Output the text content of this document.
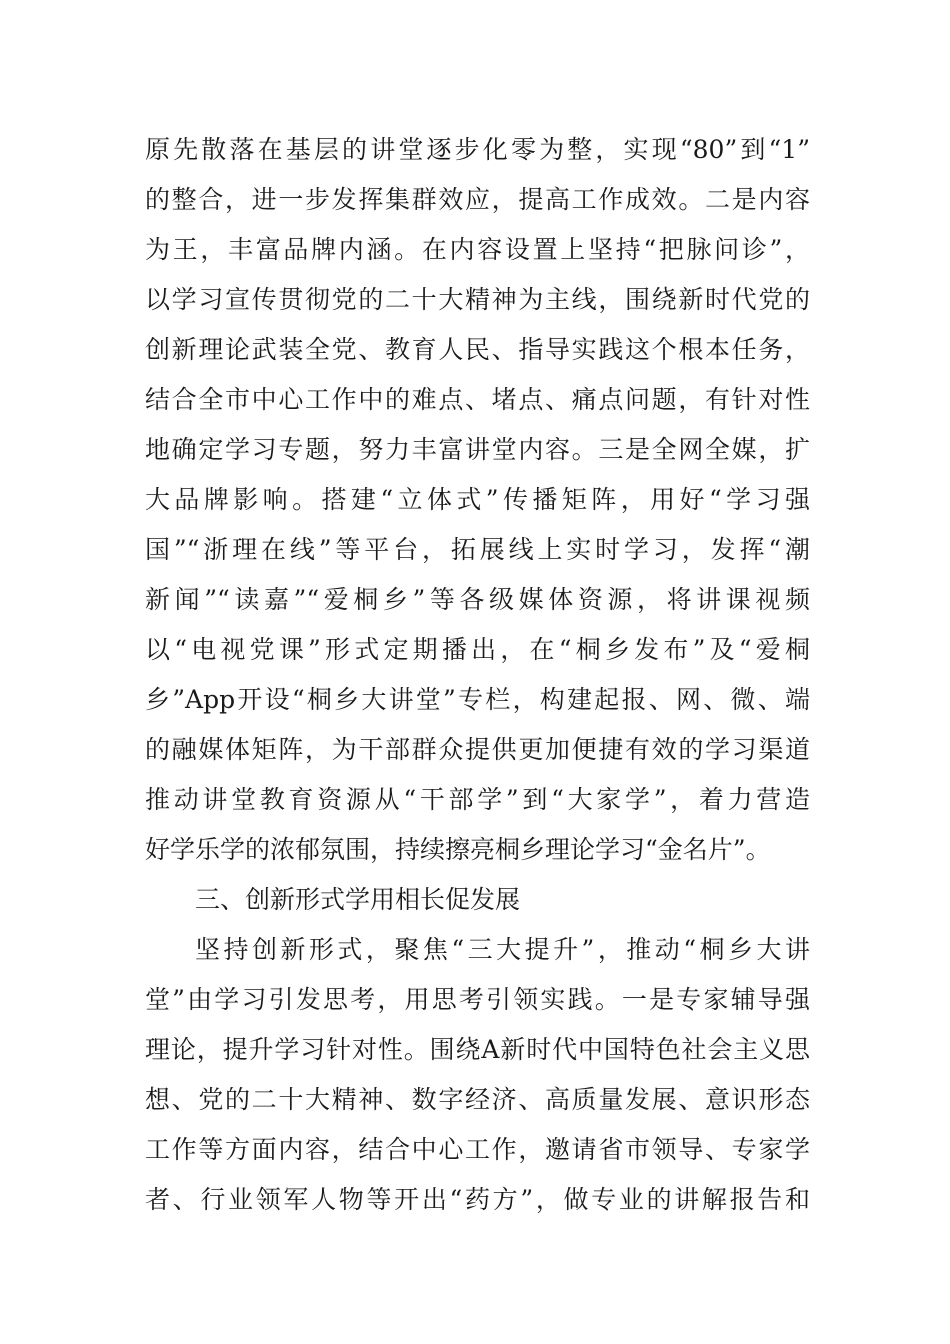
原先散落在基层的讲堂逐步化零为整，实现“80”到“1”
的整合，进一步发挥集群效应，提高工作成效。二是内容
为王，丰富品牌内涵。在内容设置上坚持“把脉问诊”，
以学习宣传贯彻党的二十大精神为主线，围绕新时代党的
创新理论武装全党、教育人民、指导实践这个根本任务，
结合全市中心工作中的难点、堵点、痛点问题，有针对性
地确定学习专题，努力丰富讲堂内容。三是全网全媒，扩
大品牌影响。搭建“立体式”传播矩阵，用好“学习强
国”“浙理在线”等平台，拓展线上实时学习，发挥“潮
新闻”“读嘉”“爱桐乡”等各级媒体资源，将讲课视频
以“电视党课”形式定期播出，在“桐乡发布”及“爱桐
乡”App开设“桐乡大讲堂”专栏，构建起报、网、微、端
的融媒体矩阵，为干部群众提供更加便捷有效的学习渠道
推动讲堂教育资源从“干部学”到“大家学”，着力营造
好学乐学的浓郁氛围，持续擦亮桐乡理论学习“金名片”。
三、创新形式学用相长促发展
坚持创新形式，聚焦“三大提升”，推动“桐乡大讲
堂”由学习引发思考，用思考引领实践。一是专家辅导强
理论，提升学习针对性。围绕A新时代中国特色社会主义思
想、党的二十大精神、数字经济、高质量发展、意识形态
工作等方面内容，结合中心工作，邀请省市领导、专家学
者、行业领军人物等开出“药方”，做专业的讲解报告和
